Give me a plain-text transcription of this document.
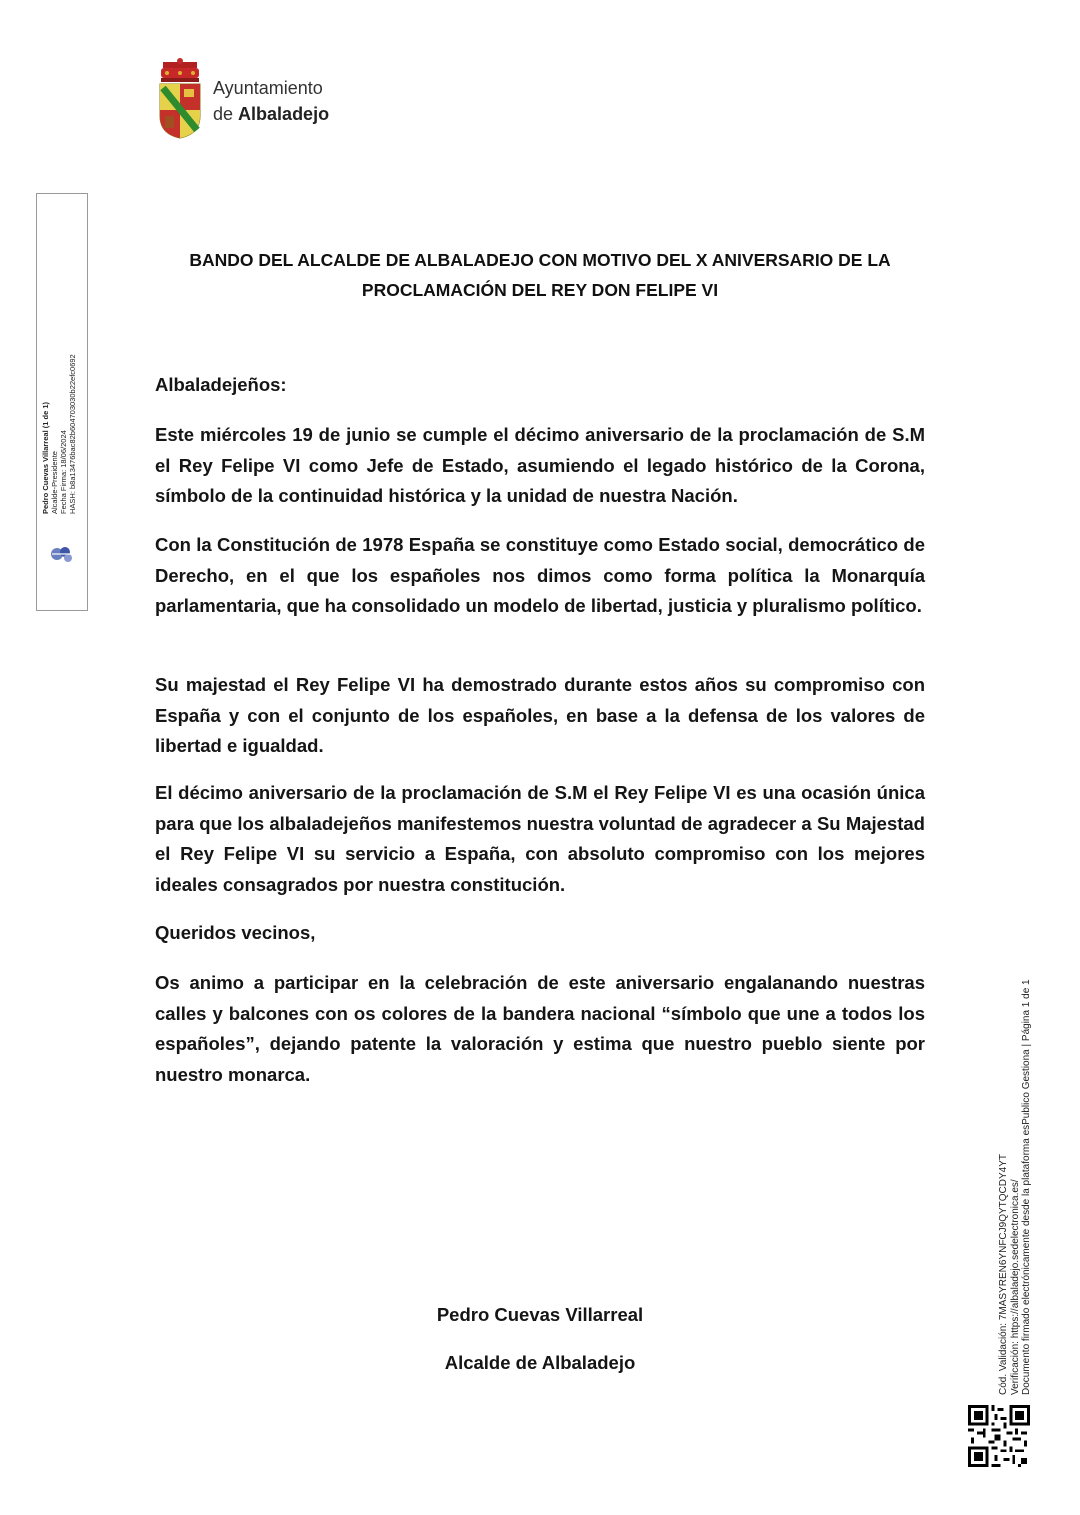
Ayuntamiento
de Albaladejo
Pedro Cuevas Villarreal (1 de 1) Alcalde-Presidente Fecha Firma: 18/06/2024 HASH: b8a13476bac82b604703030b22efc0692
BANDO DEL ALCALDE DE ALBALADEJO CON MOTIVO DEL X ANIVERSARIO DE LA
PROCLAMACIÓN DEL REY DON FELIPE VI

Albaladejeños:

Este miércoles 19 de junio se cumple el décimo aniversario de la proclamación de S.M el Rey Felipe VI como Jefe de Estado, asumiendo el legado histórico de la Corona, símbolo de la continuidad histórica y la unidad de nuestra Nación.

Con la Constitución de 1978 España se constituye como Estado social, democrático de Derecho, en el que los españoles nos dimos como forma política la Monarquía parlamentaria, que ha consolidado un modelo de libertad, justicia y pluralismo político.

Su majestad el Rey Felipe VI ha demostrado durante estos años su compromiso con España y con el conjunto de los españoles, en base a la defensa de los valores de libertad e igualdad.

El décimo aniversario de la proclamación de S.M el Rey Felipe VI es una ocasión única para que los albaladejeños manifestemos nuestra voluntad de agradecer a Su Majestad el Rey Felipe VI su servicio a España, con absoluto compromiso con los mejores ideales consagrados por nuestra constitución.

Queridos vecinos,

Os animo a participar en la celebración de este aniversario engalanando nuestras calles y balcones con os colores de la bandera nacional “símbolo que une a todos los españoles”, dejando patente la valoración y estima que nuestro pueblo siente por nuestro monarca.

Pedro Cuevas Villarreal
Alcalde de Albaladejo	Cód. Validación: 7MASYREN6YNFCJ9QYTQCDY4YT Verificación: https://albaladejo.sedelectronica.es/ Documento firmado electrónicamente desde la plataforma esPublico Gestiona | Página 1 de 1
